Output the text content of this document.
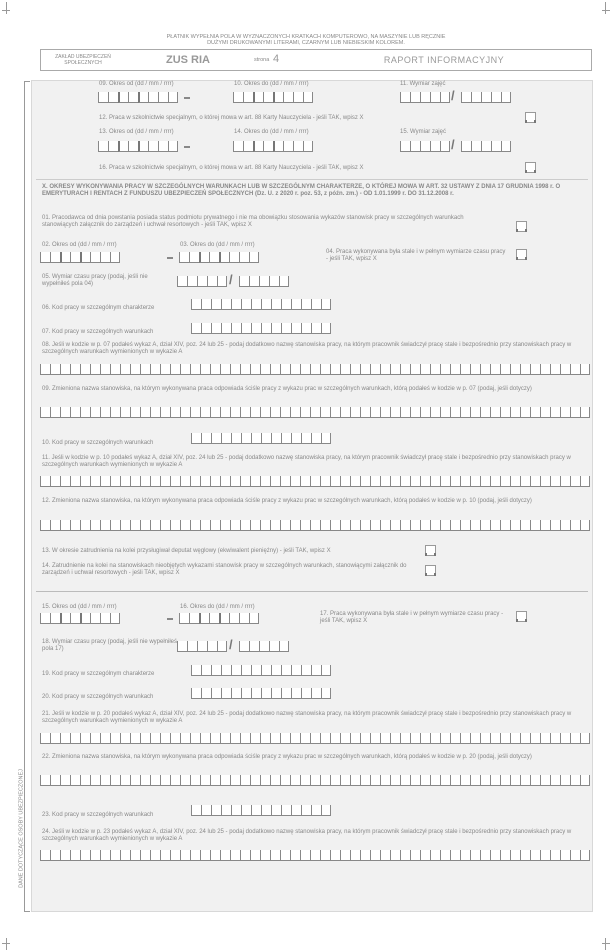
PŁATNIK WYPEŁNIA POLA W WYZNACZONYCH KRATKACH KOMPUTEROWO, NA MASZYNIE LUB RĘCZNIE
DUŻYMI DRUKOWANYMI LITERAMI, CZARNYM LUB NIEBIESKIM KOLOREM.
ZAKŁAD UBEZPIECZEŃ
SPOŁECZNYCH	ZUS RIA	strona 4	RAPORT INFORMACYJNY
DANE DOTYCZĄCE OSOBY UBEZPIECZONEJ
09. Okres od (dd / mm / rrrr)	10. Okres do (dd / mm / rrrr)	11. Wymiar zajęć
/
12. Praca w szkolnictwie specjalnym, o której mowa w art. 88 Karty Nauczyciela - jeśli TAK, wpisz X
13. Okres od (dd / mm / rrrr)	14. Okres do (dd / mm / rrrr)	15. Wymiar zajęć
/
16. Praca w szkolnictwie specjalnym, o której mowa w art. 88 Karty Nauczyciela - jeśli TAK, wpisz X
X. OKRESY WYKONYWANIA PRACY W SZCZEGÓLNYCH WARUNKACH LUB W SZCZEGÓLNYM CHARAKTERZE, O KTÓREJ MOWA W ART. 32 USTAWY Z DNIA 17 GRUDNIA 1998 r. O EMERYTURACH I RENTACH Z FUNDUSZU UBEZPIECZEŃ SPOŁECZNYCH (Dz. U. z 2020 r. poz. 53, z późn. zm.) - OD 1.01.1999 r. DO 31.12.2008 r.
01. Pracodawca od dnia powstania posiada status podmiotu prywatnego i nie ma obowiązku stosowania wykazów stanowisk pracy w szczególnych warunkach stanowiących załącznik do zarządzeń i uchwał resortowych - jeśli TAK, wpisz X
02. Okres od (dd / mm / rrrr)	03. Okres do (dd / mm / rrrr)
04. Praca wykonywana była stale i w pełnym wymiarze czasu pracy - jeśli TAK, wpisz X
05. Wymiar czasu pracy (podaj, jeśli nie wypełniłeś pola 04)	/
06. Kod pracy w szczególnym charakterze
07. Kod pracy w szczególnych warunkach
08. Jeśli w kodzie w p. 07 podałeś wykaz A, dział XIV, poz. 24 lub 25 - podaj dodatkowo nazwę stanowiska pracy, na którym pracownik świadczył pracę stale i bezpośrednio przy stanowiskach pracy w szczególnych warunkach wymienionych w wykazie A
09. Zmieniona nazwa stanowiska, na którym wykonywana praca odpowiada ściśle pracy z wykazu prac w szczególnych warunkach, którą podałeś w kodzie w p. 07 (podaj, jeśli dotyczy)
10. Kod pracy w szczególnych warunkach
11. Jeśli w kodzie w p. 10 podałeś wykaz A, dział XIV, poz. 24 lub 25 - podaj dodatkowo nazwę stanowiska pracy, na którym pracownik świadczył pracę stale i bezpośrednio przy stanowiskach pracy w szczególnych warunkach wymienionych w wykazie A
12. Zmieniona nazwa stanowiska, na którym wykonywana praca odpowiada ściśle pracy z wykazu prac w szczególnych warunkach, którą podałeś w kodzie w p. 10 (podaj, jeśli dotyczy)
13. W okresie zatrudnienia na kolei przysługiwał deputat węglowy (ekwiwalent pieniężny) - jeśli TAK, wpisz X
14. Zatrudnienie na kolei na stanowiskach nieobjętych wykazami stanowisk pracy w szczególnych warunkach, stanowiącymi załącznik do zarządzeń i uchwał resortowych - jeśli TAK, wpisz X
15. Okres od (dd / mm / rrrr)	16. Okres do (dd / mm / rrrr)
17. Praca wykonywana była stale i w pełnym wymiarze czasu pracy - jeśli TAK, wpisz X
18. Wymiar czasu pracy (podaj, jeśli nie wypełniłeś pola 17)	/
19. Kod pracy w szczególnym charakterze
20. Kod pracy w szczególnych warunkach
21. Jeśli w kodzie w p. 20 podałeś wykaz A, dział XIV, poz. 24 lub 25 - podaj dodatkowo nazwę stanowiska pracy, na którym pracownik świadczył pracę stale i bezpośrednio przy stanowiskach pracy w szczególnych warunkach wymienionych w wykazie A
22. Zmieniona nazwa stanowiska, na którym wykonywana praca odpowiada ściśle pracy z wykazu prac w szczególnych warunkach, którą podałeś w kodzie w p. 20 (podaj, jeśli dotyczy)
23. Kod pracy w szczególnych warunkach
24. Jeśli w kodzie w p. 23 podałeś wykaz A, dział XIV, poz. 24 lub 25 - podaj dodatkowo nazwę stanowiska pracy, na którym pracownik świadczył pracę stale i bezpośrednio przy stanowiskach pracy w szczególnych warunkach wymienionych w wykazie A
